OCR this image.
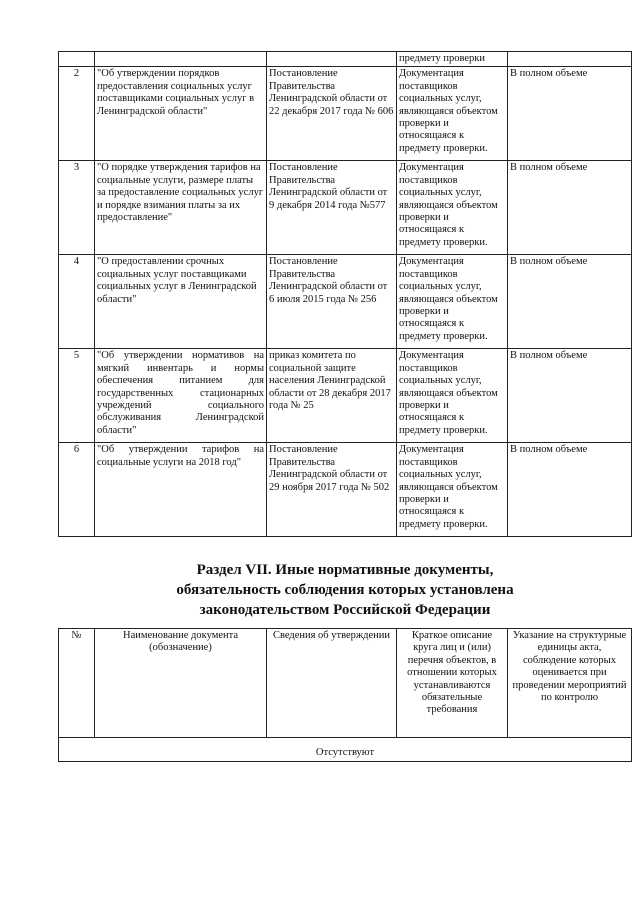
			предмету проверки	
2	"Об утверждении порядков предоставления социальных услуг поставщиками социальных услуг в Ленинградской области"	Постановление Правительства Ленинградской области от 22 декабря 2017 года № 606	Документация поставщиков социальных услуг, являющаяся объектом проверки и относящаяся к предмету проверки.	В полном объеме
3	"О порядке утверждения тарифов на социальные услуги, размере платы за предоставление социальных услуг и порядке взимания платы за их предоставление"	Постановление Правительства Ленинградской области от 9 декабря 2014 года №577	Документация поставщиков социальных услуг, являющаяся объектом проверки и относящаяся к предмету проверки.	В полном объеме
4	"О предоставлении срочных социальных услуг поставщиками социальных услуг в Ленинградской области"	Постановление Правительства Ленинградской области от 6 июля 2015 года № 256	Документация поставщиков социальных услуг, являющаяся объектом проверки и относящаяся к предмету проверки.	В полном объеме
5	"Об утверждении нормативов на мягкий инвентарь и нормы обеспечения питанием для государственных стационарных учреждений социального обслуживания Ленинградской области"	приказ комитета по социальной защите населения Ленинградской области от 28 декабря 2017 года № 25	Документация поставщиков социальных услуг, являющаяся объектом проверки и относящаяся к предмету проверки.	В полном объеме
6	"Об утверждении тарифов на социальные услуги на 2018 год"	Постановление Правительства Ленинградской области от 29 ноября 2017 года № 502	Документация поставщиков социальных услуг, являющаяся объектом проверки и относящаяся к предмету проверки.	В полном объеме
Раздел VII. Иные нормативные документы,
обязательность соблюдения которых установлена
законодательством Российской Федерации
№	Наименование документа (обозначение)	Сведения об утверждении	Краткое описание круга лиц и (или) перечня объектов, в отношении которых устанавливаются обязательные требования	Указание на структурные единицы акта, соблюдение которых оценивается при проведении мероприятий по контролю
Отсутствуют
